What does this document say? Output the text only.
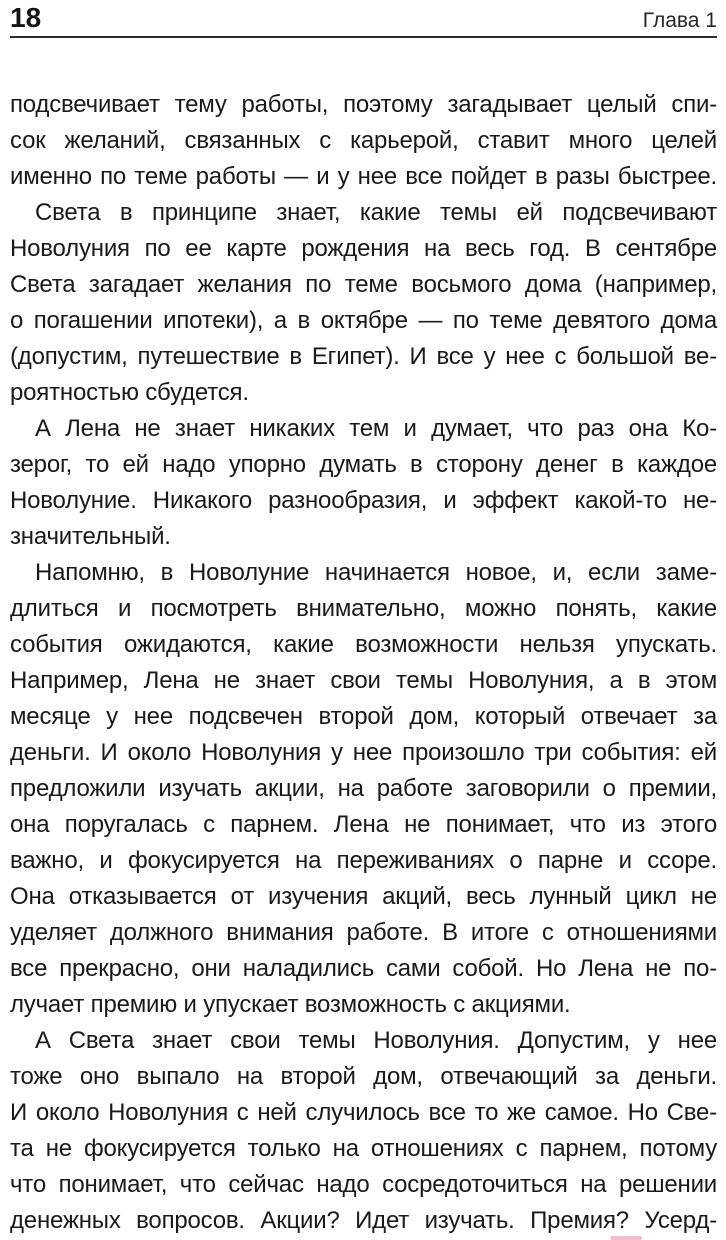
18	Глава 1
подсвечивает тему работы, поэтому загадывает целый спи-
сок желаний, связанных с карьерой, ставит много целей
именно по теме работы — и у нее все пойдет в разы быстрее.
Света в принципе знает, какие темы ей подсвечивают
Новолуния по ее карте рождения на весь год. В сентябре
Света загадает желания по теме восьмого дома (например,
о погашении ипотеки), а в октябре — по теме девятого дома
(допустим, путешествие в Египет). И все у нее с большой ве-
роятностью сбудется.
А Лена не знает никаких тем и думает, что раз она Ко-
зерог, то ей надо упорно думать в сторону денег в каждое
Новолуние. Никакого разнообразия, и эффект какой-то не-
значительный.
Напомню, в Новолуние начинается новое, и, если заме-
длиться и посмотреть внимательно, можно понять, какие
события ожидаются, какие возможности нельзя упускать.
Например, Лена не знает свои темы Новолуния, а в этом
месяце у нее подсвечен второй дом, который отвечает за
деньги. И около Новолуния у нее произошло три события: ей
предложили изучать акции, на работе заговорили о премии,
она поругалась с парнем. Лена не понимает, что из этого
важно, и фокусируется на переживаниях о парне и ссоре.
Она отказывается от изучения акций, весь лунный цикл не
уделяет должного внимания работе. В итоге с отношениями
все прекрасно, они наладились сами собой. Но Лена не по-
лучает премию и упускает возможность с акциями.
А Света знает свои темы Новолуния. Допустим, у нее
тоже оно выпало на второй дом, отвечающий за деньги.
И около Новолуния с ней случилось все то же самое. Но Све-
та не фокусируется только на отношениях с парнем, потому
что понимает, что сейчас надо сосредоточиться на решении
денежных вопросов. Акции? Идет изучать. Премия? Усерд-
